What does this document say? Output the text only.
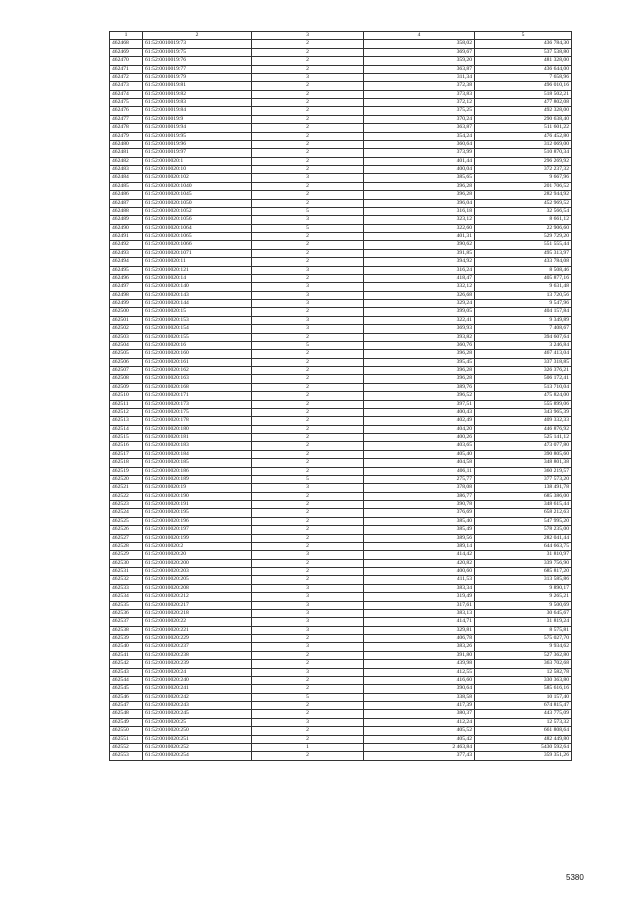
1	2	3	4	5
462468	61:52:0010019:73	2	358,02	436 784,30
462469	61:52:0010019:75	2	369,67	537 538,80
462470	61:52:0010019:76	2	359,20	481 328,00
462471	61:52:0010019:77	2	363,87	436 644,00
462472	61:52:0010019:79	3	311,34	7 658,96
462473	61:52:0010019:81	2	372,38	496 010,16
462474	61:52:0010019:82	2	373,83	518 502,21
462475	61:52:0010019:83	2	372,12	477 802,08
462476	61:52:0010019:84	2	375,25	492 328,00
462477	61:52:0010019:9	2	370,24	290 638,40
462478	61:52:0010019:94	2	363,87	511 601,22
462479	61:52:0010019:95	2	354,24	476 452,80
462480	61:52:0010019:96	2	360,64	312 069,00
462481	61:52:0010019:97	2	373,99	510 870,34
462482	61:52:0010020:1	2	401,44	296 269,92
462483	61:52:0010020:10	2	400,04	372 237,32
462484	61:52:0010020:102	3	385,65	9 667,96
462485	61:52:0010020:1040	2	396,28	201 706,52
462486	61:52:0010020:1045	2	396,28	282 944,92
462487	61:52:0010020:1050	2	396,04	452 969,52
462488	61:52:0010020:1052	5	316,18	32 566,54
462489	61:52:0010020:1056	3	323,12	8 661,12
462490	61:52:0010020:1064	5	322,60	22 906,60
462491	61:52:0010020:1065	2	401,31	529 729,20
462492	61:52:0010020:1066	2	390,62	551 555,44
462493	61:52:0010020:1071	2	391,85	495 313,97
462494	61:52:0010020:11	2	394,92	433 784,08
462495	61:52:0010020:121	3	316,24	8 508,46
462496	61:52:0010020:14	2	418,47	405 877,16
462497	61:52:0010020:140	3	332,12	9 631,48
462498	61:52:0010020:143	3	326,68	13 720,56
462499	61:52:0010020:144	3	329,24	9 547,96
462500	61:52:0010020:15	2	399,05	404 157,84
462501	61:52:0010020:153	3	322,41	9 349,89
462502	61:52:0010020:154	3	369,93	7 408,67
462503	61:52:0010020:155	2	393,82	394 607,64
462504	61:52:0010020:16	5	360,76	3 246,84
462505	61:52:0010020:160	2	396,28	467 413,04
462506	61:52:0010020:161	2	395,45	337 318,85
462507	61:52:0010020:162	2	396,28	326 376,21
462508	61:52:0010020:163	2	396,28	506 172,41
462509	61:52:0010020:168	2	389,76	513 710,04
462510	61:52:0010020:171	2	396,52	475 824,00
462511	61:52:0010020:173	2	397,51	555 899,06
462512	61:52:0010020:175	2	400,43	343 965,39
462513	61:52:0010020:178	2	402,49	409 332,33
462514	61:52:0010020:180	2	404,20	446 876,92
462515	61:52:0010020:181	2	400,26	525 141,12
462516	61:52:0010020:183	2	403,65	473 077,80
462517	61:52:0010020:184	2	405,40	390 805,60
462518	61:52:0010020:185	2	404,58	348 801,38
462519	61:52:0010020:186	2	406,11	360 219,57
462520	61:52:0010020:189	5	275,77	377 573,20
462521	61:52:0010020:19	3	378,08	138 491,78
462522	61:52:0010020:190	2	386,77	685 386,00
462523	61:52:0010020:191	2	390,78	348 615,44
462524	61:52:0010020:195	2	376,69	658 212,63
462525	61:52:0010020:196	2	385,40	547 995,20
462526	61:52:0010020:197	2	385,49	578 235,00
462527	61:52:0010020:199	2	389,56	282 041,44
462528	61:52:0010020:2	2	389,14	644 663,75
462529	61:52:0010020:20	3	414,42	31 810,97
462530	61:52:0010020:200	2	420,82	339 756,90
462531	61:52:0010020:203	2	400,60	685 817,20
462532	61:52:0010020:205	2	411,53	313 585,86
462533	61:52:0010020:208	3	383,34	9 890,17
462534	61:52:0010020:212	3	319,49	9 265,21
462535	61:52:0010020:217	3	317,61	9 500,69
462536	61:52:0010020:218	3	383,13	30 645,67
462537	61:52:0010020:22	3	414,71	31 819,24
462538	61:52:0010020:221	3	329,81	8 575,81
462539	61:52:0010020:229	2	406,78	575 027,70
462540	61:52:0010020:237	3	383,26	9 934,62
462541	61:52:0010020:238	2	391,80	527 362,80
462542	61:52:0010020:239	2	439,98	363 702,68
462543	61:52:0010020:24	3	412,55	12 582,78
462544	61:52:0010020:240	2	416,60	330 363,80
462545	61:52:0010020:241	2	390,64	585 616,16
462546	61:52:0010020:242	5	338,58	10 157,40
462547	61:52:0010020:243	2	417,39	674 815,47
462548	61:52:0010020:245	2	380,37	443 775,09
462549	61:52:0010020:25	3	412,24	12 573,32
462550	61:52:0010020:250	2	405,52	661 808,64
462551	61:52:0010020:251	2	405,42	482 449,80
462552	61:52:0010020:252	1	2 463,84	5430 592,64
462553	61:52:0010020:254	2	377,43	359 351,26
5380
